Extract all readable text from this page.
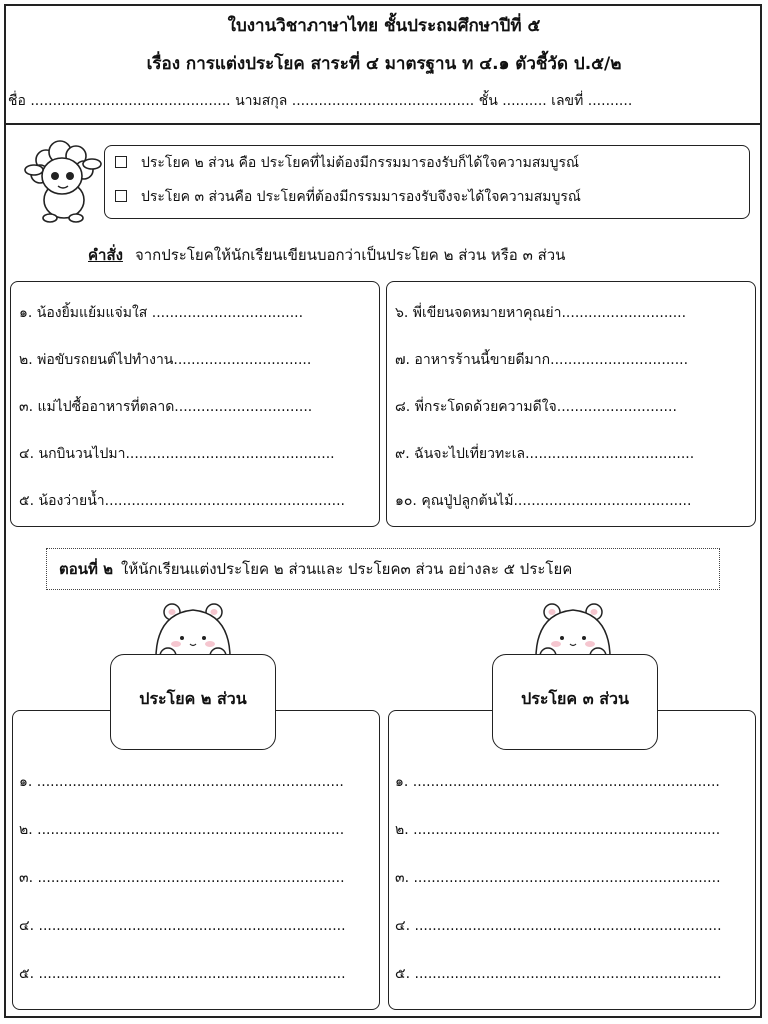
ใบงานวิชาภาษาไทย ชั้นประถมศึกษาปีที่ ๕
เรื่อง การแต่งประโยค สาระที่ ๔ มาตรฐาน ท ๔.๑ ตัวชี้วัด ป.๕/๒
ชื่อ ............................................. นามสกุล ......................................... ชั้น .......... เลขที่ ..........
ประโยค ๒ ส่วน คือ ประโยคที่ไม่ต้องมีกรรมมารองรับก็ได้ใจความสมบูรณ์
ประโยค ๓ ส่วนคือ ประโยคที่ต้องมีกรรมมารองรับจึงจะได้ใจความสมบูรณ์
คำสั่ง จากประโยคให้นักเรียนเขียนบอกว่าเป็นประโยค ๒ ส่วน หรือ ๓ ส่วน
๑. น้องยิ้มแย้มแจ่มใส ..................................
๒. พ่อขับรถยนต์ไปทำงาน...............................
๓. แม่ไปซื้ออาหารที่ตลาด...............................
๔. นกบินวนไปมา...............................................
๕. น้องว่ายน้ำ......................................................
๖. พี่เขียนจดหมายหาคุณย่า............................
๗. อาหารร้านนี้ขายดีมาก...............................
๘. พี่กระโดดด้วยความดีใจ...........................
๙. ฉันจะไปเที่ยวทะเล......................................
๑๐. คุณปู่ปลูกต้นไม้........................................
ตอนที่ ๒ ให้นักเรียนแต่งประโยค ๒ ส่วนและ ประโยค๓ ส่วน อย่างละ ๕ ประโยค
๑. .....................................................................
๒. .....................................................................
๓. .....................................................................
๔. .....................................................................
๕. .....................................................................
๑. .....................................................................
๒. .....................................................................
๓. .....................................................................
๔. .....................................................................
๕. .....................................................................
ประโยค ๒ ส่วน	ประโยค ๓ ส่วน
